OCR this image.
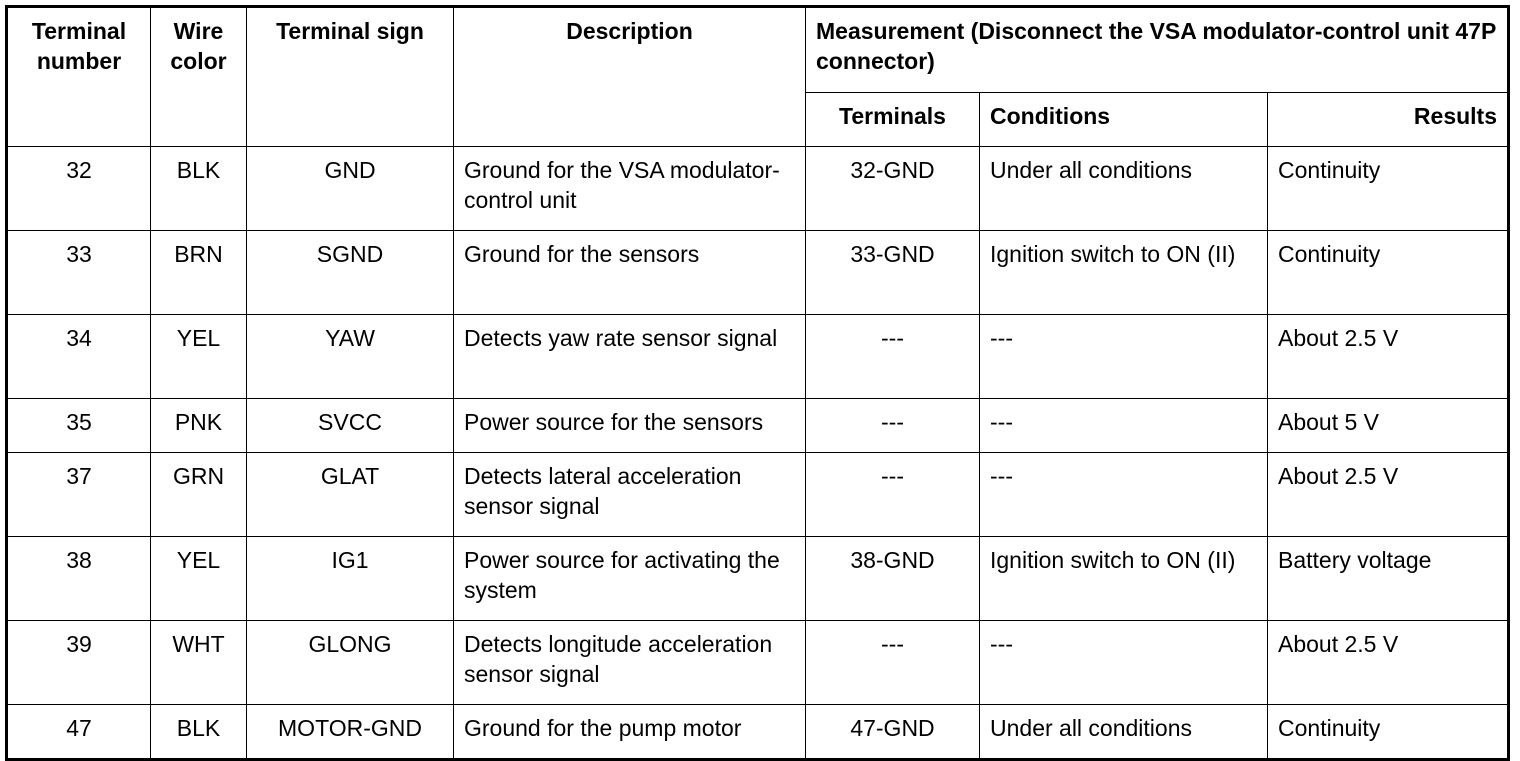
Terminal number	Wire color	Terminal sign	Description	Measurement (Disconnect the VSA modulator-control unit 47P connector)		
				Terminals	Conditions	Results
32	BLK	GND	Ground for the VSA modulator-control unit	32-GND	Under all conditions	Continuity
33	BRN	SGND	Ground for the sensors	33-GND	Ignition switch to ON (II)	Continuity
34	YEL	YAW	Detects yaw rate sensor signal	---	---	About 2.5 V
35	PNK	SVCC	Power source for the sensors	---	---	About 5 V
37	GRN	GLAT	Detects lateral acceleration sensor signal	---	---	About 2.5 V
38	YEL	IG1	Power source for activating the system	38-GND	Ignition switch to ON (II)	Battery voltage
39	WHT	GLONG	Detects longitude acceleration sensor signal	---	---	About 2.5 V
47	BLK	MOTOR-GND	Ground for the pump motor	47-GND	Under all conditions	Continuity
